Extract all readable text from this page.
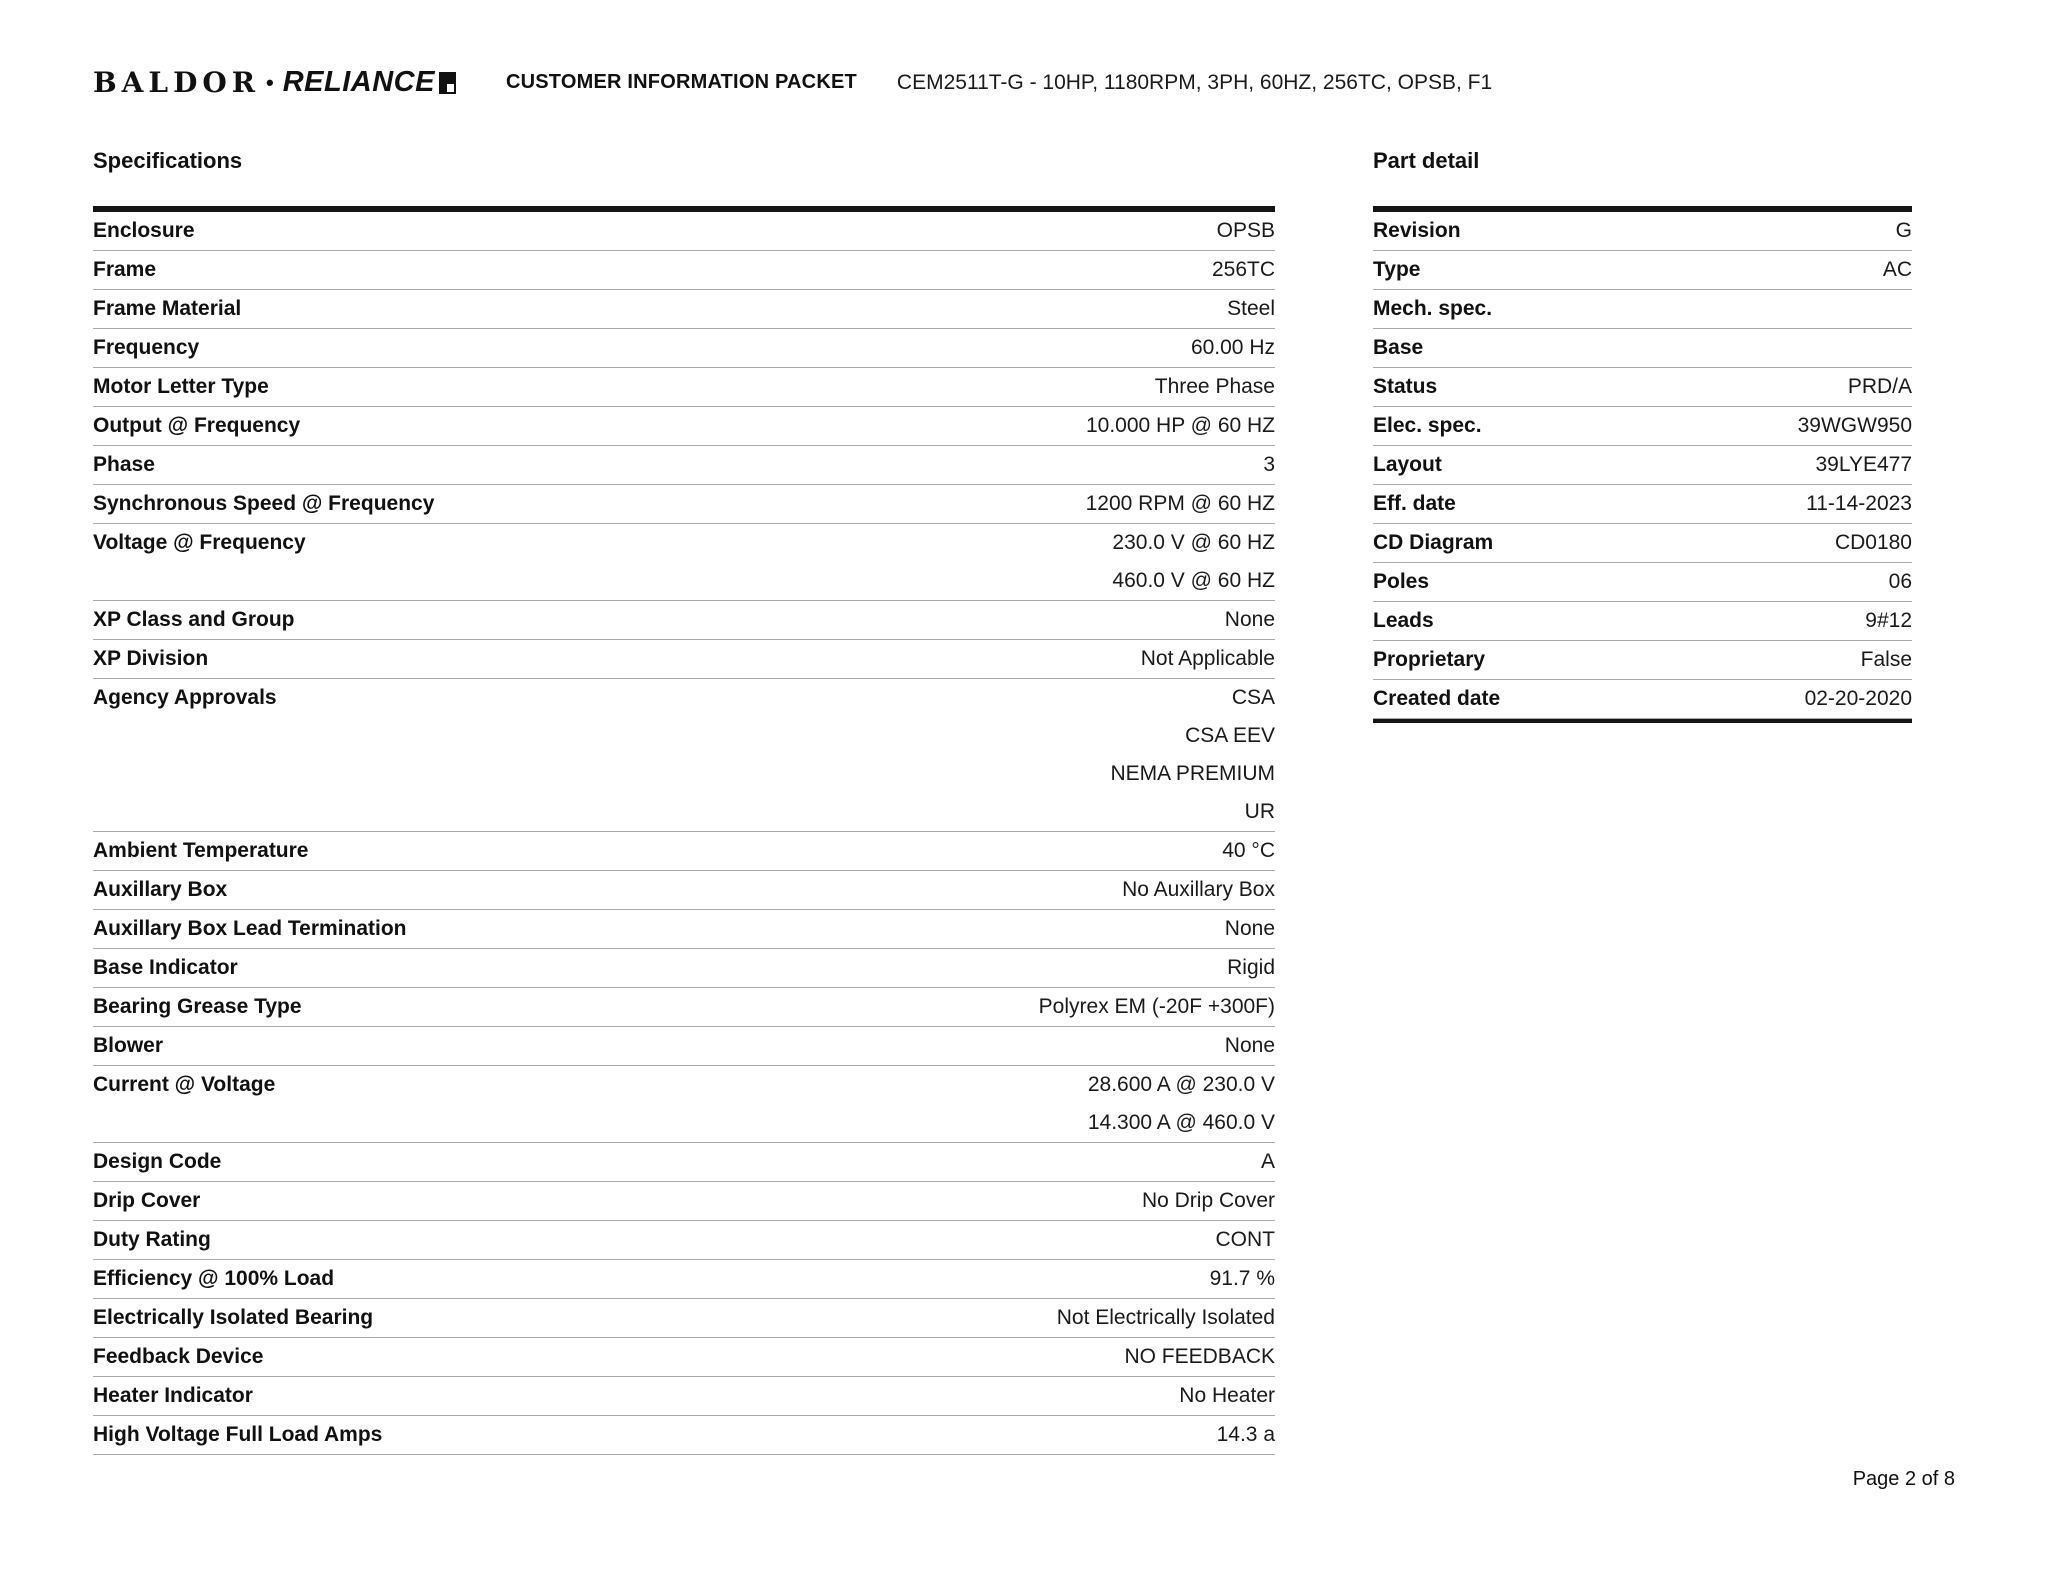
BALDOR • RELIANCE	CUSTOMER INFORMATION PACKET CEM2511T-G - 10HP, 1180RPM, 3PH, 60HZ, 256TC, OPSB, F1
Specifications
Enclosure	OPSB
Frame	256TC
Frame Material	Steel
Frequency	60.00 Hz
Motor Letter Type	Three Phase
Output @ Frequency	10.000 HP @ 60 HZ
Phase	3
Synchronous Speed @ Frequency	1200 RPM @ 60 HZ
Voltage @ Frequency	230.0 V @ 60 HZ
460.0 V @ 60 HZ
XP Class and Group	None
XP Division	Not Applicable
Agency Approvals	CSA
CSA EEV
NEMA PREMIUM
UR
Ambient Temperature	40 °C
Auxillary Box	No Auxillary Box
Auxillary Box Lead Termination	None
Base Indicator	Rigid
Bearing Grease Type	Polyrex EM (-20F +300F)
Blower	None
Current @ Voltage	28.600 A @ 230.0 V
14.300 A @ 460.0 V
Design Code	A
Drip Cover	No Drip Cover
Duty Rating	CONT
Efficiency @ 100% Load	91.7 %
Electrically Isolated Bearing	Not Electrically Isolated
Feedback Device	NO FEEDBACK
Heater Indicator	No Heater
High Voltage Full Load Amps	14.3 a
Part detail
Revision	G
Type	AC
Mech. spec.
Base
Status	PRD/A
Elec. spec.	39WGW950
Layout	39LYE477
Eff. date	11-14-2023
CD Diagram	CD0180
Poles	06
Leads	9#12
Proprietary	False
Created date	02-20-2020
Page 2 of 8
